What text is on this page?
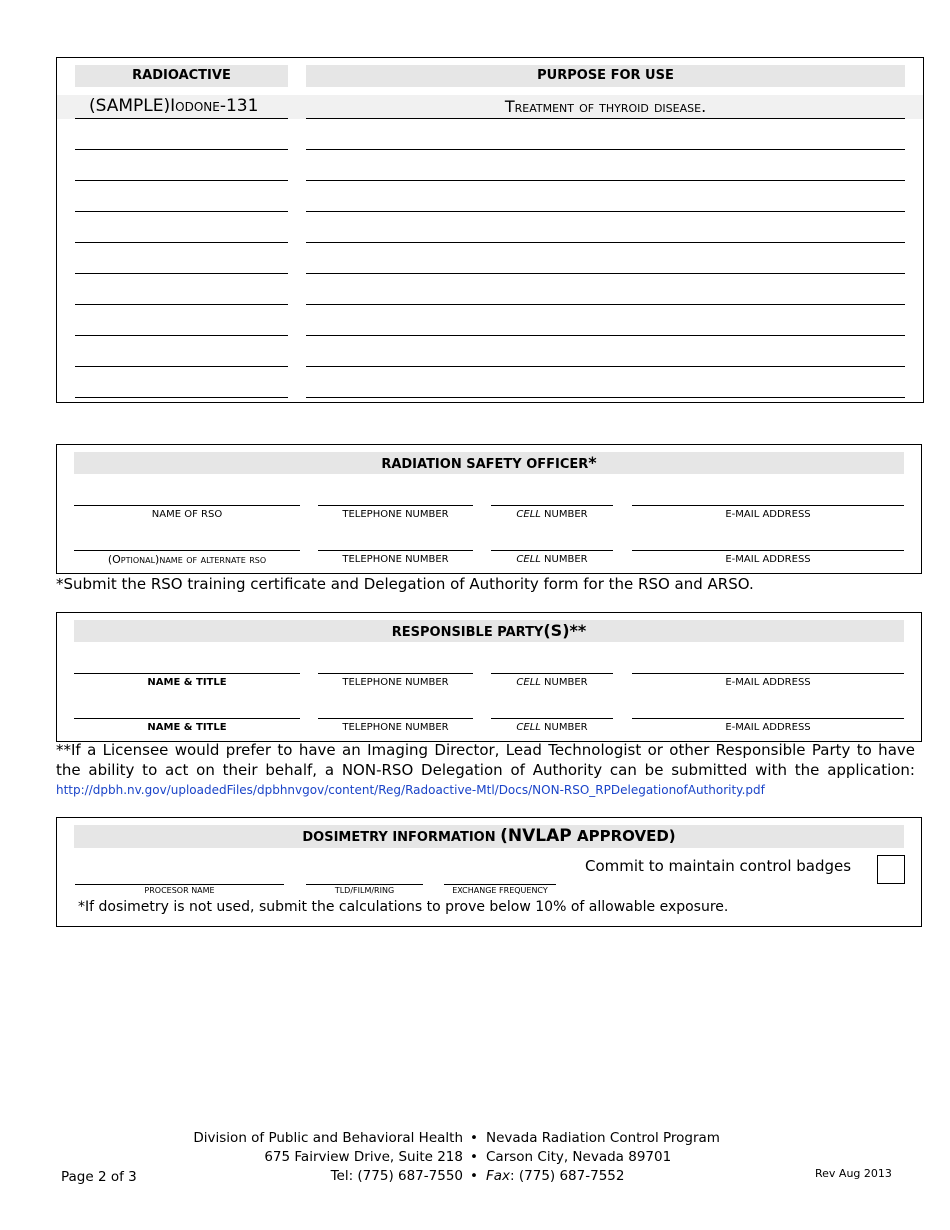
RADIOACTIVE	PURPOSE FOR USE
(SAMPLE)Iodone-131	Treatment of thyroid disease.
RADIATION SAFETY OFFICER*
NAME OF RSO	TELEPHONE NUMBER	CELL NUMBER	E-MAIL ADDRESS
(Optional)name of alternate rso	TELEPHONE NUMBER	CELL NUMBER	E-MAIL ADDRESS
*Submit the RSO training certificate and Delegation of Authority form for the RSO and ARSO.
RESPONSIBLE PARTY(S)**
NAME & TITLE	TELEPHONE NUMBER	CELL NUMBER	E-MAIL ADDRESS
NAME & TITLE	TELEPHONE NUMBER	CELL NUMBER	E-MAIL ADDRESS
**If a Licensee would prefer to have an Imaging Director, Lead Technologist or other Responsible Party to have the ability to act on their behalf, a NON-RSO Delegation of Authority can be submitted with the application: http://dpbh.nv.gov/uploadedFiles/dpbhnvgov/content/Reg/Radoactive-Mtl/Docs/NON-RSO_RPDelegationofAuthority.pdf
DOSIMETRY INFORMATION (NVLAP APPROVED)
Commit to maintain control badges
PROCESOR NAME	TLD/FILM/RING	EXCHANGE FREQUENCY
*If dosimetry is not used, submit the calculations to prove below 10% of allowable exposure.
Division of Public and Behavioral Health
675 Fairview Drive, Suite 218
Tel: (775) 687-7550
•
•
•
Nevada Radiation Control Program
Carson City, Nevada 89701
Fax: (775) 687-7552
Page 2 of 3	Rev Aug 2013
